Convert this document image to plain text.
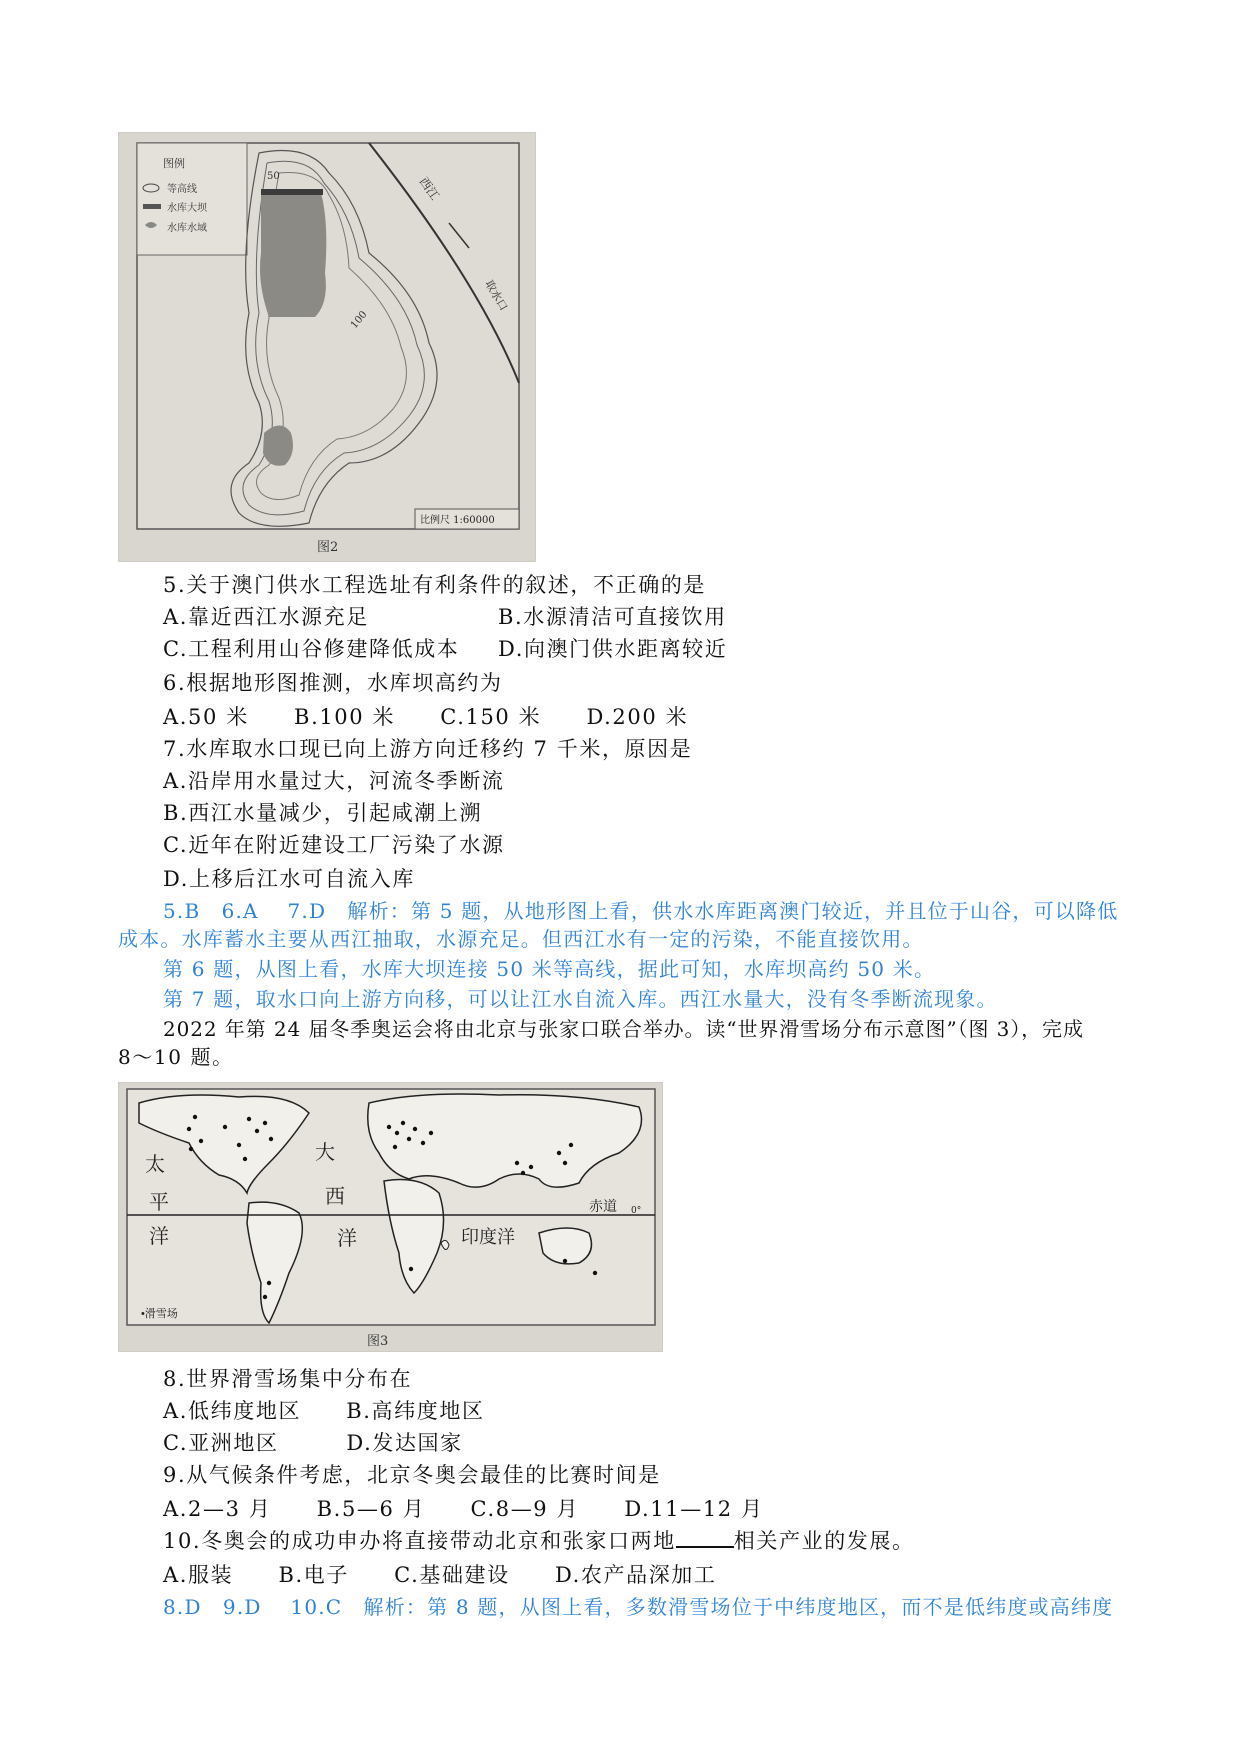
图例
等高线
水库大坝
水库水域
西江
取水口
50
100
比例尺 1:60000
图2
5.关于澳门供水工程选址有利条件的叙述，不正确的是
A.靠近西江水源充足	B.水源清洁可直接饮用
C.工程利用山谷修建降低成本 D.向澳门供水距离较近
6.根据地形图推测，水库坝高约为
A.50 米　　B.100 米　　C.150 米　　D.200 米
7.水库取水口现已向上游方向迁移约 7 千米，原因是
A.沿岸用水量过大，河流冬季断流
B.西江水量减少，引起咸潮上溯
C.近年在附近建设工厂污染了水源
D.上移后江水可自流入库
5.B　6.A　 7.D　解析：第 5 题，从地形图上看，供水水库距离澳门较近，并且位于山谷，可以降低
成本。水库蓄水主要从西江抽取，水源充足。但西江水有一定的污染，不能直接饮用。
第 6 题，从图上看，水库大坝连接 50 米等高线，据此可知，水库坝高约 50 米。
第 7 题，取水口向上游方向移，可以让江水自流入库。西江水量大，没有冬季断流现象。
2022 年第 24 届冬季奥运会将由北京与张家口联合举办。读“世界滑雪场分布示意图”（图 3），完成
8～10 题。
赤道 0°
太
平
洋
大
西
洋	印度洋
•滑雪场
图3
8.世界滑雪场集中分布在
A.低纬度地区　　B.高纬度地区
C.亚洲地区　　　D.发达国家
9.从气候条件考虑，北京冬奥会最佳的比赛时间是
A.2—3 月　　B.5—6 月　　C.8—9 月　　D.11—12 月
10.冬奥会的成功申办将直接带动北京和张家口两地	相关产业的发展。
A.服装　　B.电子　　C.基础建设　　D.农产品深加工
8.D　9.D　 10.C　解析：第 8 题，从图上看，多数滑雪场位于中纬度地区，而不是低纬度或高纬度
